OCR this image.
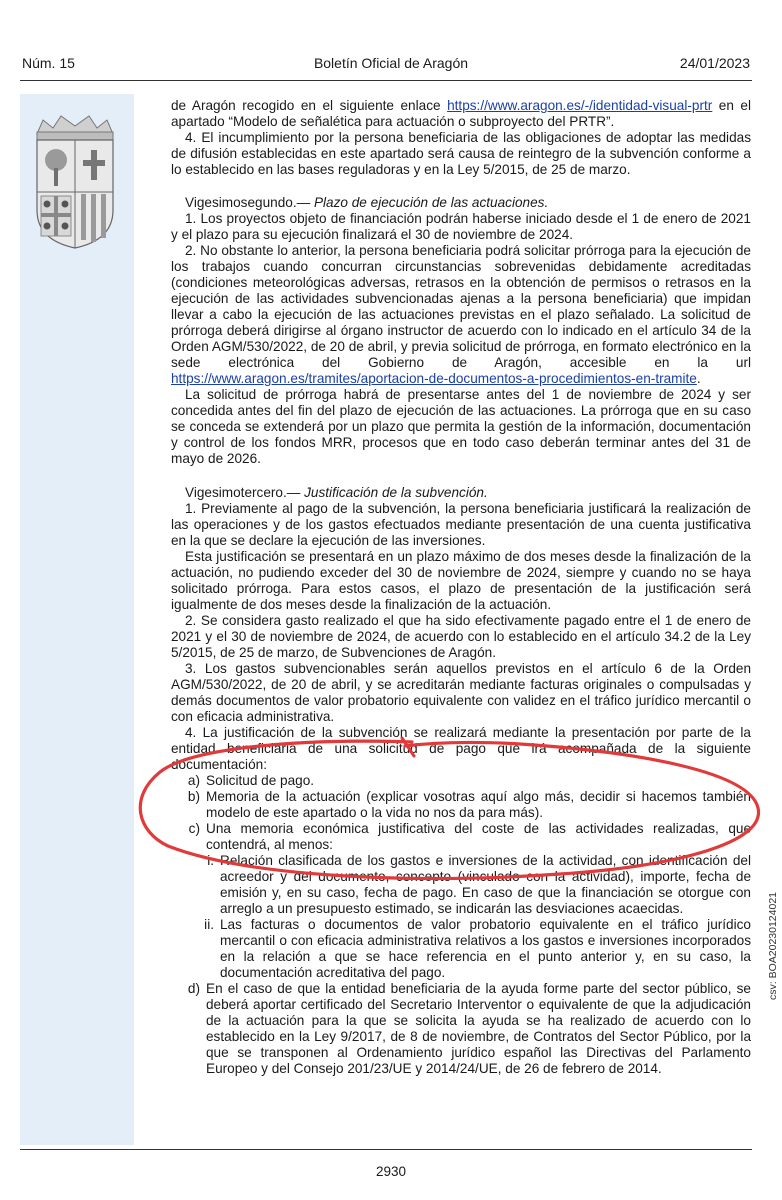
Núm. 15	Boletín Oficial de Aragón	24/01/2023

de Aragón recogido en el siguiente enlace https://www.aragon.es/-/identidad-visual-prtr en el apartado “Modelo de señalética para actuación o subproyecto del PRTR”.

4. El incumplimiento por la persona beneficiaria de las obligaciones de adoptar las medidas de difusión establecidas en este apartado será causa de reintegro de la subvención conforme a lo establecido en las bases reguladoras y en la Ley 5/2015, de 25 de marzo.

Vigesimosegundo.— Plazo de ejecución de las actuaciones.

1. Los proyectos objeto de financiación podrán haberse iniciado desde el 1 de enero de 2021 y el plazo para su ejecución finalizará el 30 de noviembre de 2024.

2. No obstante lo anterior, la persona beneficiaria podrá solicitar prórroga para la ejecución de los trabajos cuando concurran circunstancias sobrevenidas debidamente acreditadas (condiciones meteorológicas adversas, retrasos en la obtención de permisos o retrasos en la ejecución de las actividades subvencionadas ajenas a la persona beneficiaria) que impidan llevar a cabo la ejecución de las actuaciones previstas en el plazo señalado. La solicitud de prórroga deberá dirigirse al órgano instructor de acuerdo con lo indicado en el artículo 34 de la Orden AGM/530/2022, de 20 de abril, y previa solicitud de prórroga, en formato electrónico en la sede electrónica del Gobierno de Aragón, accesible en la url https://www.aragon.es/tramites/aportacion-de-documentos-a-procedimientos-en-tramite.

La solicitud de prórroga habrá de presentarse antes del 1 de noviembre de 2024 y ser concedida antes del fin del plazo de ejecución de las actuaciones. La prórroga que en su caso se conceda se extenderá por un plazo que permita la gestión de la información, documentación y control de los fondos MRR, procesos que en todo caso deberán terminar antes del 31 de mayo de 2026.

Vigesimotercero.— Justificación de la subvención.

1. Previamente al pago de la subvención, la persona beneficiaria justificará la realización de las operaciones y de los gastos efectuados mediante presentación de una cuenta justificativa en la que se declare la ejecución de las inversiones.

Esta justificación se presentará en un plazo máximo de dos meses desde la finalización de la actuación, no pudiendo exceder del 30 de noviembre de 2024, siempre y cuando no se haya solicitado prórroga. Para estos casos, el plazo de presentación de la justificación será igualmente de dos meses desde la finalización de la actuación.

2. Se considera gasto realizado el que ha sido efectivamente pagado entre el 1 de enero de 2021 y el 30 de noviembre de 2024, de acuerdo con lo establecido en el artículo 34.2 de la Ley 5/2015, de 25 de marzo, de Subvenciones de Aragón.

3. Los gastos subvencionables serán aquellos previstos en el artículo 6 de la Orden AGM/530/2022, de 20 de abril, y se acreditarán mediante facturas originales o compulsadas y demás documentos de valor probatorio equivalente con validez en el tráfico jurídico mercantil o con eficacia administrativa.

4. La justificación de la subvención se realizará mediante la presentación por parte de la entidad beneficiaria de una solicitud de pago que irá acompañada de la siguiente documentación:

a) Solicitud de pago.
b) Memoria de la actuación (explicar vosotras aquí algo más, decidir si hacemos también modelo de este apartado o la vida no nos da para más).
c) Una memoria económica justificativa del coste de las actividades realizadas, que contendrá, al menos:
i. Relación clasificada de los gastos e inversiones de la actividad, con identificación del acreedor y del documento, concepto (vinculado con la actividad), importe, fecha de emisión y, en su caso, fecha de pago. En caso de que la financiación se otorgue con arreglo a un presupuesto estimado, se indicarán las desviaciones acaecidas.
ii. Las facturas o documentos de valor probatorio equivalente en el tráfico jurídico mercantil o con eficacia administrativa relativos a los gastos e inversiones incorporados en la relación a que se hace referencia en el punto anterior y, en su caso, la documentación acreditativa del pago.
d) En el caso de que la entidad beneficiaria de la ayuda forme parte del sector público, se deberá aportar certificado del Secretario Interventor o equivalente de que la adjudicación de la actuación para la que se solicita la ayuda se ha realizado de acuerdo con lo establecido en la Ley 9/2017, de 8 de noviembre, de Contratos del Sector Público, por la que se transponen al Ordenamiento jurídico español las Directivas del Parlamento Europeo y del Consejo 201/23/UE y 2014/24/UE, de 26 de febrero de 2014.
2930
csv: BOA20230124021
